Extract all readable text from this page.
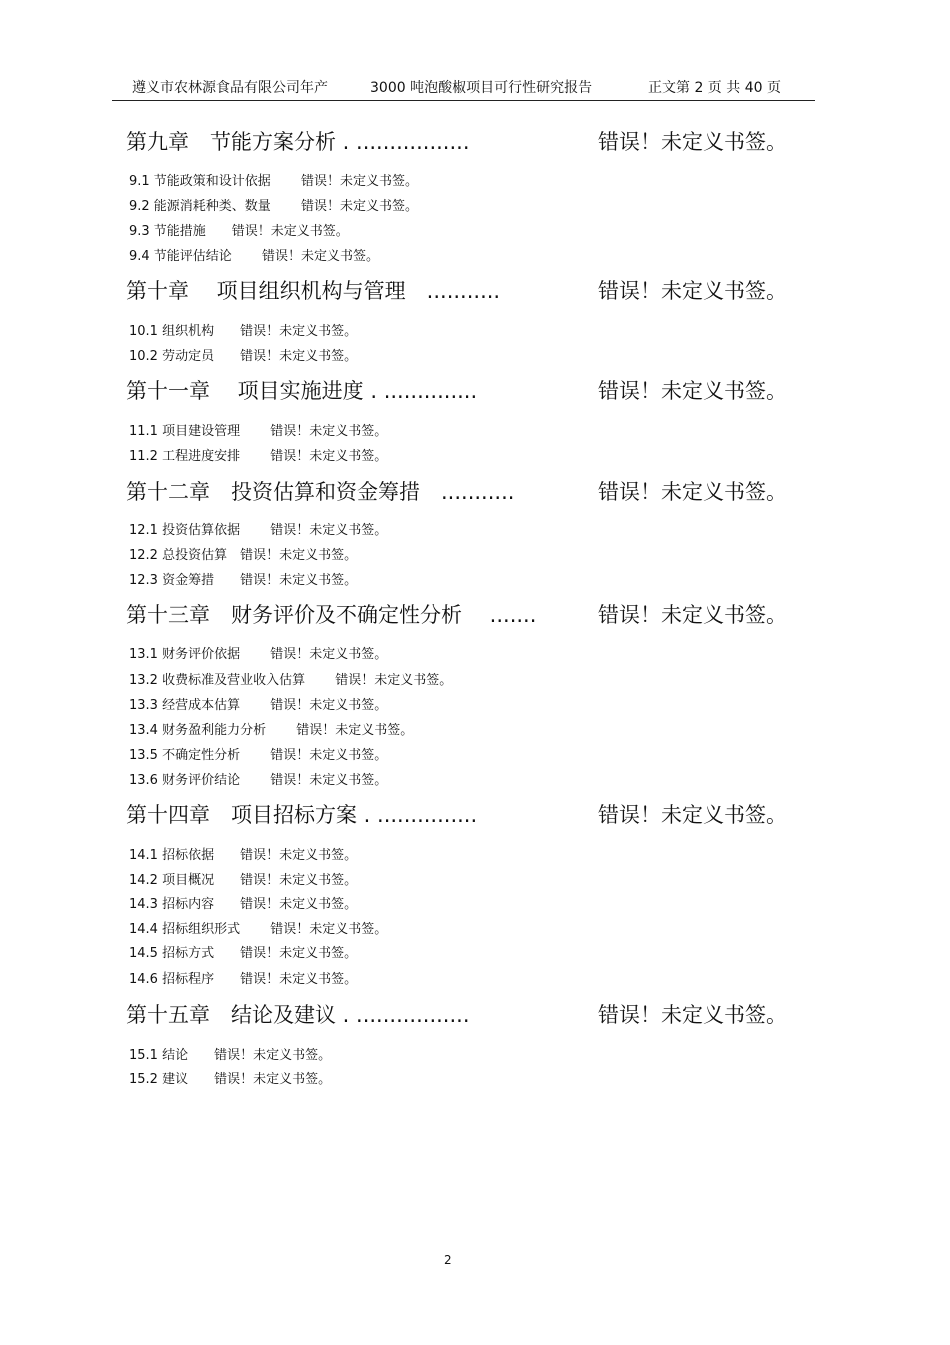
遵义市农林源食品有限公司年产	3000 吨泡酸椒项目可行性研究报告	正文第 2 页 共 40 页
第九章　节能方案分析 . .................	错误！未定义书签。
9.1 节能政策和设计依据　　 错误！未定义书签。
9.2 能源消耗种类、数量　　 错误！未定义书签。
9.3 节能措施　　错误！未定义书签。
9.4 节能评估结论　　 错误！未定义书签。
第十章　 项目组织机构与管理　...........	错误！未定义书签。
10.1 组织机构　　错误！未定义书签。
10.2 劳动定员　　错误！未定义书签。
第十一章　 项目实施进度 . ..............	错误！未定义书签。
11.1 项目建设管理　　 错误！未定义书签。
11.2 工程进度安排　　 错误！未定义书签。
第十二章　投资估算和资金筹措　...........	错误！未定义书签。
12.1 投资估算依据　　 错误！未定义书签。
12.2 总投资估算　错误！未定义书签。
12.3 资金筹措　　错误！未定义书签。
第十三章　财务评价及不确定性分析　 .......	错误！未定义书签。
13.1 财务评价依据　　 错误！未定义书签。
13.2 收费标准及营业收入估算　　 错误！未定义书签。
13.3 经营成本估算　　 错误！未定义书签。
13.4 财务盈利能力分析　　 错误！未定义书签。
13.5 不确定性分析　　 错误！未定义书签。
13.6 财务评价结论　　 错误！未定义书签。
第十四章　项目招标方案 . ...............	错误！未定义书签。
14.1 招标依据　　错误！未定义书签。
14.2 项目概况　　错误！未定义书签。
14.3 招标内容　　错误！未定义书签。
14.4 招标组织形式　　 错误！未定义书签。
14.5 招标方式　　错误！未定义书签。
14.6 招标程序　　错误！未定义书签。
第十五章　结论及建议 . .................	错误！未定义书签。
15.1 结论　　错误！未定义书签。
15.2 建议　　错误！未定义书签。
2
